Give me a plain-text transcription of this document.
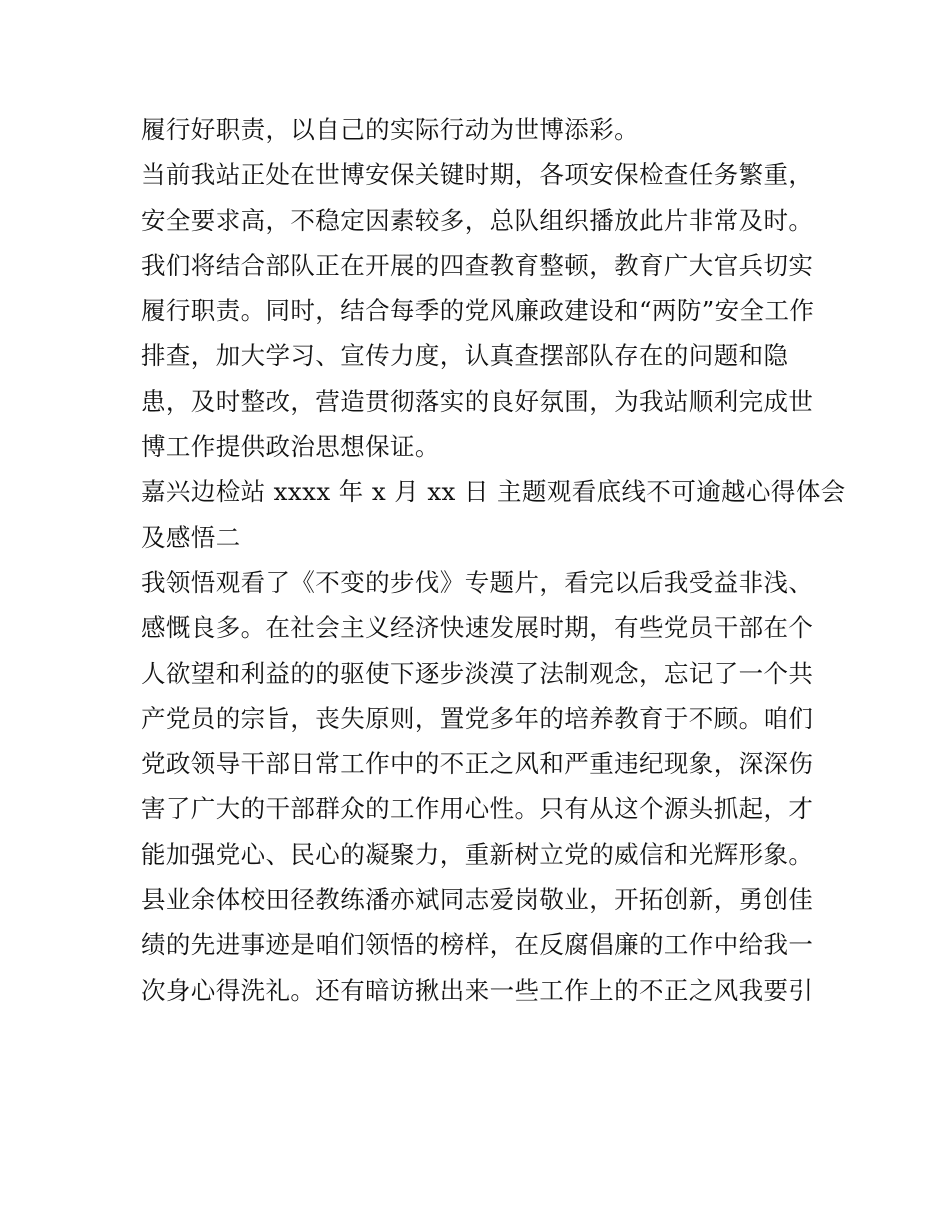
履行好职责，以自己的实际行动为世博添彩。
当前我站正处在世博安保关键时期，各项安保检查任务繁重，
安全要求高，不稳定因素较多，总队组织播放此片非常及时。
我们将结合部队正在开展的四查教育整顿，教育广大官兵切实
履行职责。同时，结合每季的党风廉政建设和“两防”安全工作
排查，加大学习、宣传力度，认真查摆部队存在的问题和隐
患，及时整改，营造贯彻落实的良好氛围，为我站顺利完成世
博工作提供政治思想保证。
嘉兴边检站 xxxx 年 x 月 xx 日 主题观看底线不可逾越心得体会
及感悟二
我领悟观看了《不变的步伐》专题片，看完以后我受益非浅、
感慨良多。在社会主义经济快速发展时期，有些党员干部在个
人欲望和利益的的驱使下逐步淡漠了法制观念，忘记了一个共
产党员的宗旨，丧失原则，置党多年的培养教育于不顾。咱们
党政领导干部日常工作中的不正之风和严重违纪现象，深深伤
害了广大的干部群众的工作用心性。只有从这个源头抓起，才
能加强党心、民心的凝聚力，重新树立党的威信和光辉形象。
县业余体校田径教练潘亦斌同志爱岗敬业，开拓创新，勇创佳
绩的先进事迹是咱们领悟的榜样，在反腐倡廉的工作中给我一
次身心得洗礼。还有暗访揪出来一些工作上的不正之风我要引
